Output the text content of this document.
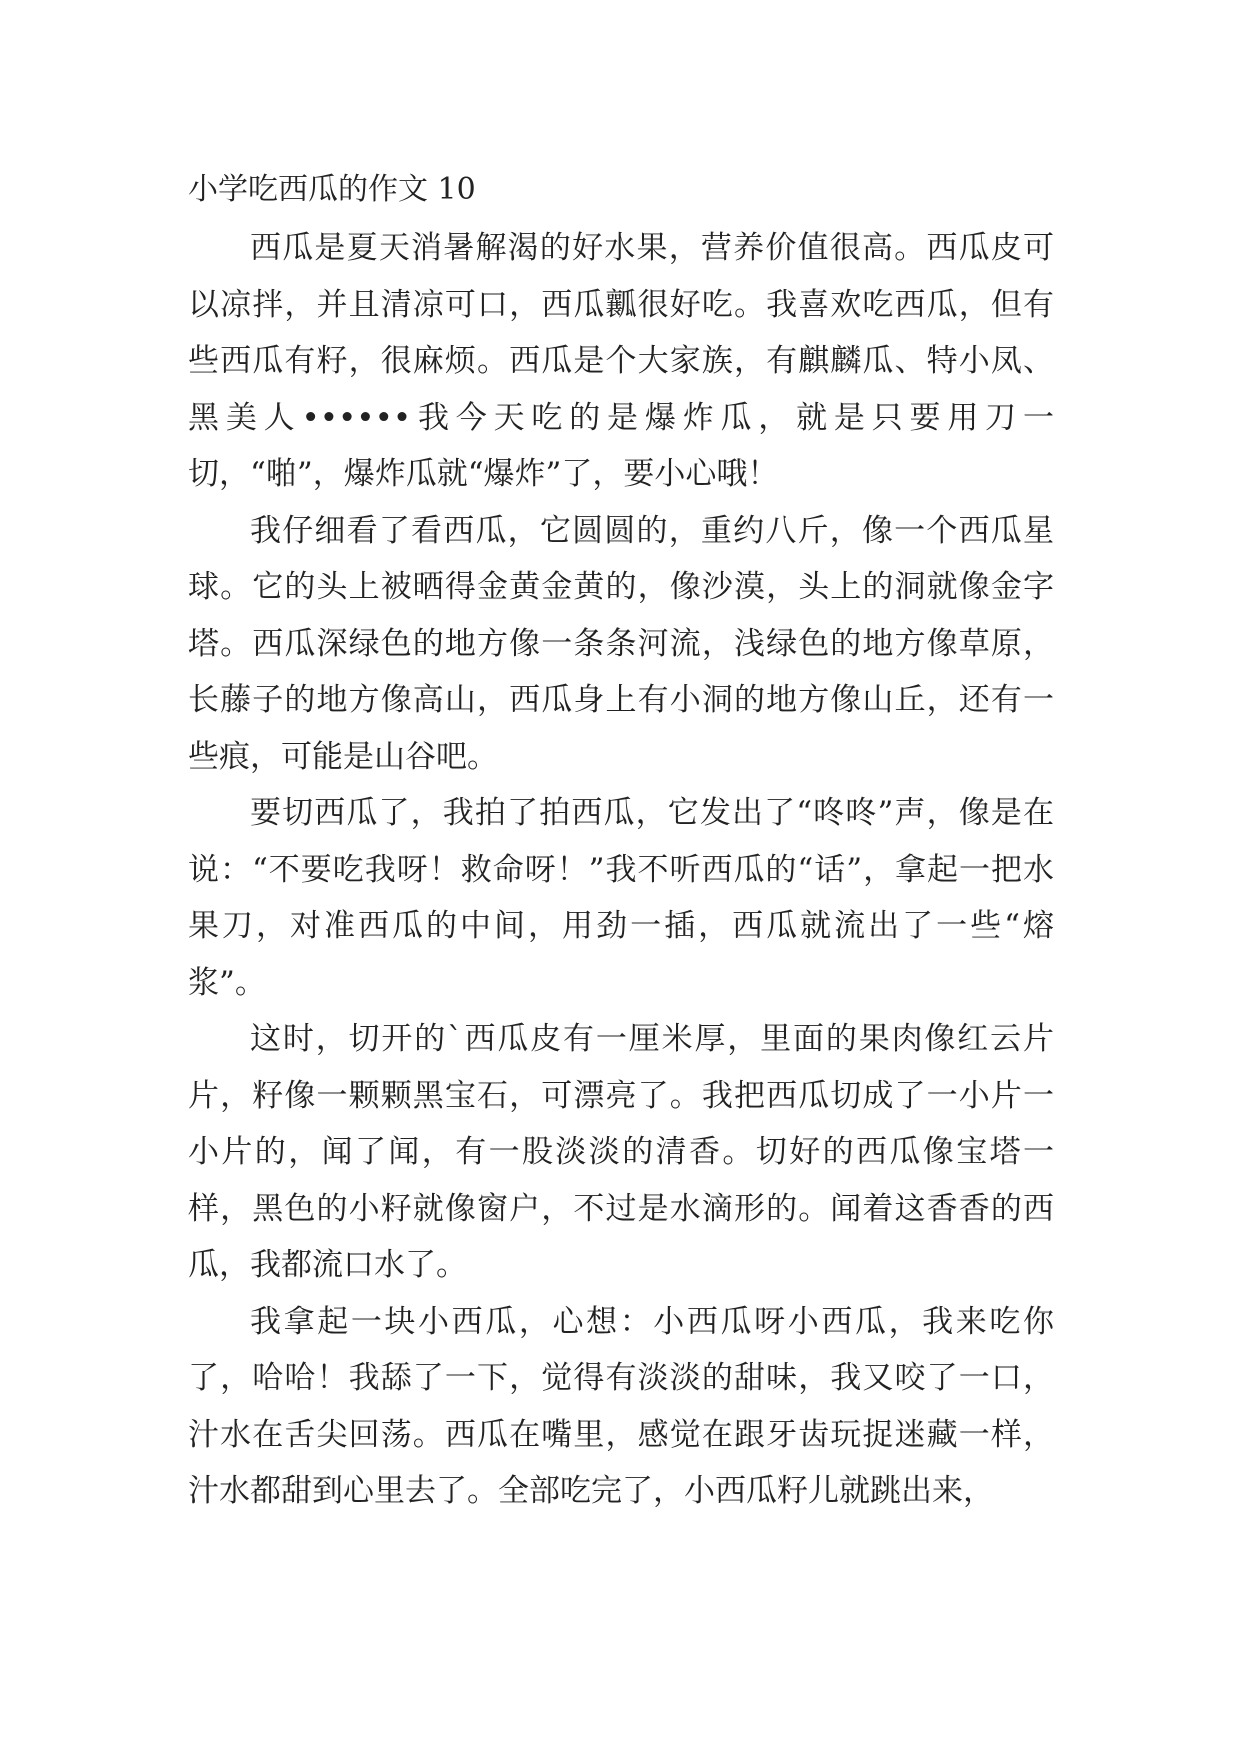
小学吃西瓜的作文 10

西瓜是夏天消暑解渴的好水果，营养价值很高。西瓜皮可以凉拌，并且清凉可口，西瓜瓤很好吃。我喜欢吃西瓜，但有些西瓜有籽，很麻烦。西瓜是个大家族，有麒麟瓜、特小凤、黑美人••••••我今天吃的是爆炸瓜，就是只要用刀一切，“啪”，爆炸瓜就“爆炸”了，要小心哦！

我仔细看了看西瓜，它圆圆的，重约八斤，像一个西瓜星球。它的头上被晒得金黄金黄的，像沙漠，头上的洞就像金字塔。西瓜深绿色的地方像一条条河流，浅绿色的地方像草原，长藤子的地方像高山，西瓜身上有小洞的地方像山丘，还有一些痕，可能是山谷吧。

要切西瓜了，我拍了拍西瓜，它发出了“咚咚”声，像是在说：“不要吃我呀！救命呀！”我不听西瓜的“话”，拿起一把水果刀，对准西瓜的中间，用劲一插，西瓜就流出了一些“熔浆”。

这时，切开的`西瓜皮有一厘米厚，里面的果肉像红云片片，籽像一颗颗黑宝石，可漂亮了。我把西瓜切成了一小片一小片的，闻了闻，有一股淡淡的清香。切好的西瓜像宝塔一样，黑色的小籽就像窗户，不过是水滴形的。闻着这香香的西瓜，我都流口水了。

我拿起一块小西瓜，心想：小西瓜呀小西瓜，我来吃你了，哈哈！我舔了一下，觉得有淡淡的甜味，我又咬了一口，汁水在舌尖回荡。西瓜在嘴里，感觉在跟牙齿玩捉迷藏一样，汁水都甜到心里去了。全部吃完了，小西瓜籽儿就跳出来，
